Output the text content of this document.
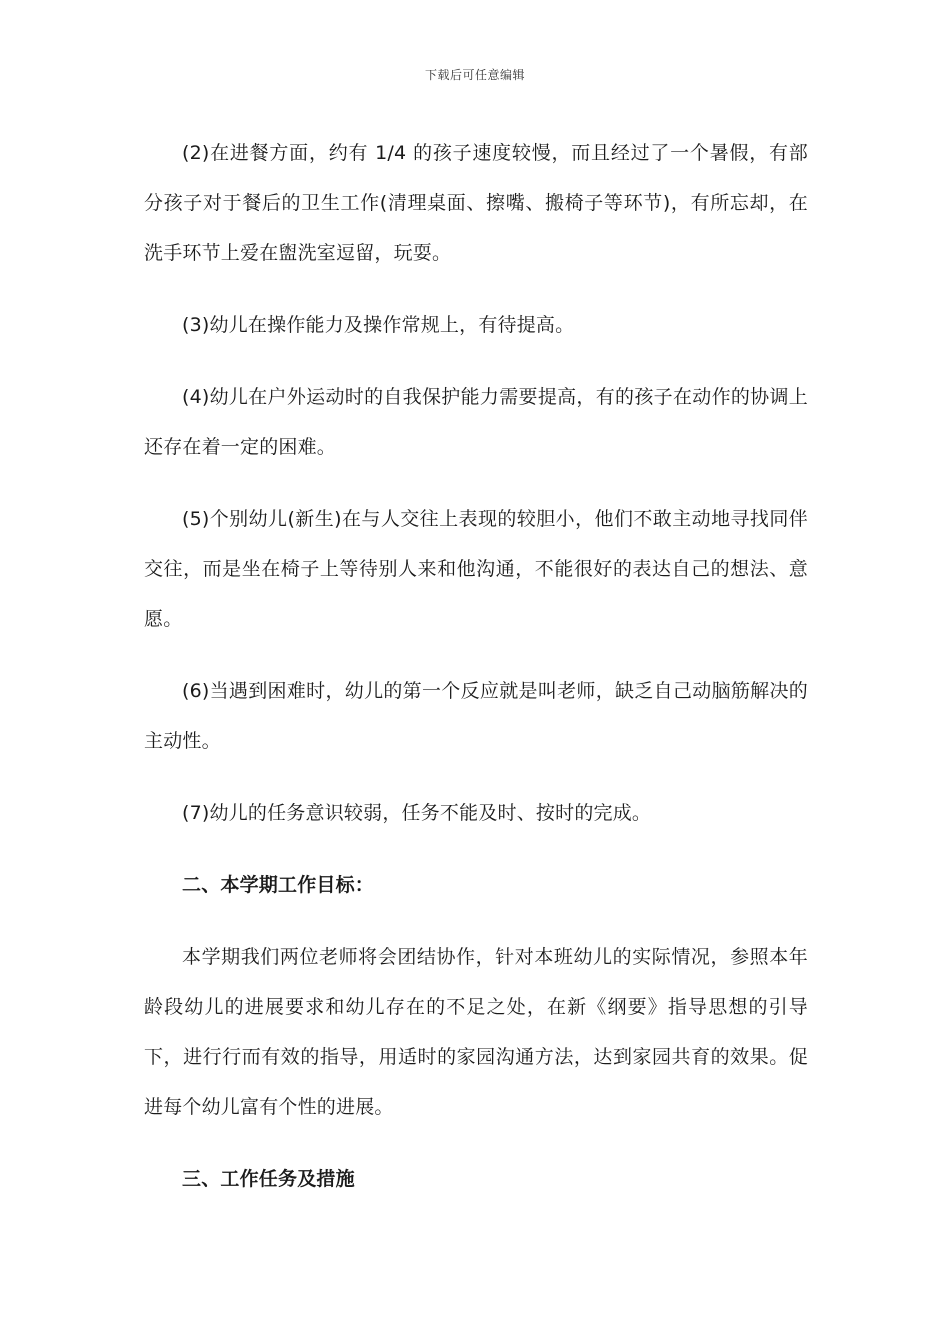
下载后可任意编辑

(2)在进餐方面，约有 1/4 的孩子速度较慢，而且经过了一个暑假，有部分孩子对于餐后的卫生工作(清理桌面、擦嘴、搬椅子等环节)，有所忘却，在洗手环节上爱在盥洗室逗留，玩耍。

(3)幼儿在操作能力及操作常规上，有待提高。

(4)幼儿在户外运动时的自我保护能力需要提高，有的孩子在动作的协调上还存在着一定的困难。

(5)个别幼儿(新生)在与人交往上表现的较胆小，他们不敢主动地寻找同伴交往，而是坐在椅子上等待别人来和他沟通，不能很好的表达自己的想法、意愿。

(6)当遇到困难时，幼儿的第一个反应就是叫老师，缺乏自己动脑筋解决的主动性。

(7)幼儿的任务意识较弱，任务不能及时、按时的完成。

二、本学期工作目标：

本学期我们两位老师将会团结协作，针对本班幼儿的实际情况，参照本年龄段幼儿的进展要求和幼儿存在的不足之处，在新《纲要》指导思想的引导下，进行行而有效的指导，用适时的家园沟通方法，达到家园共育的效果。促进每个幼儿富有个性的进展。

三、工作任务及措施
